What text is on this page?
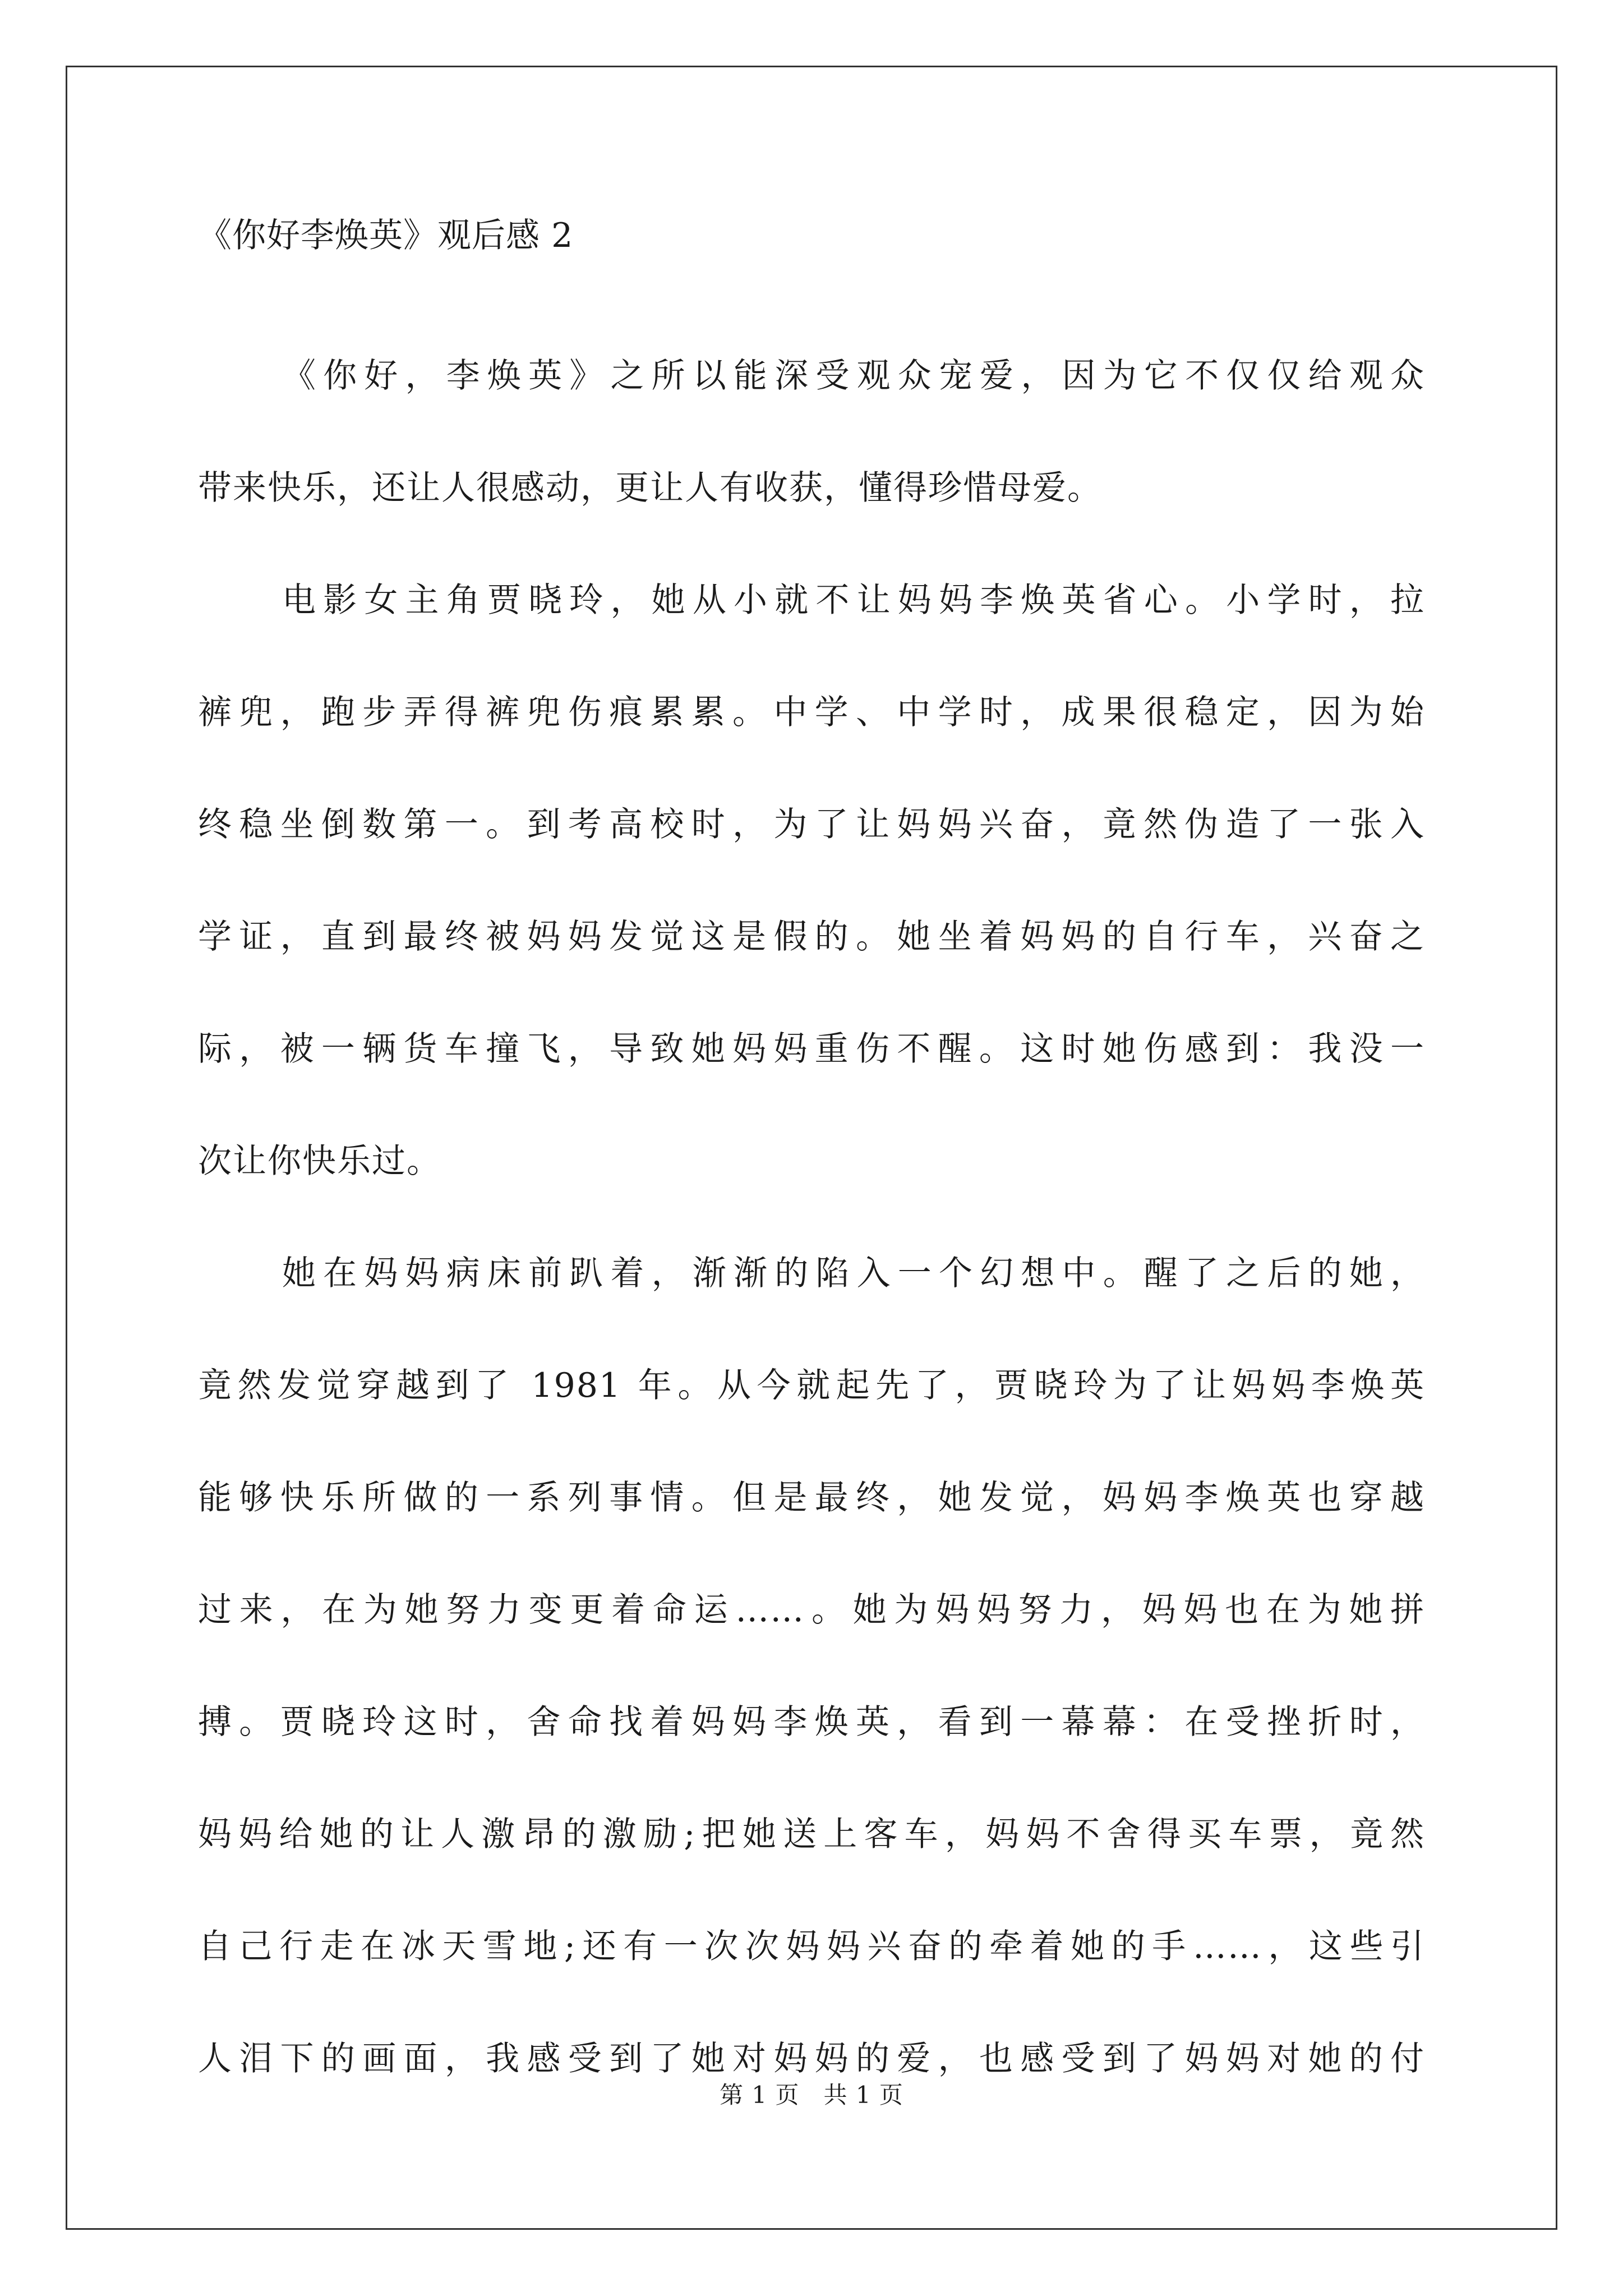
《你好李焕英》观后感 2
《你好，李焕英》之所以能深受观众宠爱，因为它不仅仅给观众
带来快乐，还让人很感动，更让人有收获，懂得珍惜母爱。
电影女主角贾晓玲，她从小就不让妈妈李焕英省心。小学时，拉
裤兜，跑步弄得裤兜伤痕累累。中学、中学时，成果很稳定，因为始
终稳坐倒数第一。到考高校时，为了让妈妈兴奋，竟然伪造了一张入
学证，直到最终被妈妈发觉这是假的。她坐着妈妈的自行车，兴奋之
际，被一辆货车撞飞，导致她妈妈重伤不醒。这时她伤感到：我没一
次让你快乐过。
她在妈妈病床前趴着，渐渐的陷入一个幻想中。醒了之后的她，
竟然发觉穿越到了 1981 年。从今就起先了，贾晓玲为了让妈妈李焕英
能够快乐所做的一系列事情。但是最终，她发觉，妈妈李焕英也穿越
过来，在为她努力变更着命运……。她为妈妈努力，妈妈也在为她拼
搏。贾晓玲这时，舍命找着妈妈李焕英，看到一幕幕：在受挫折时，
妈妈给她的让人激昂的激励;把她送上客车，妈妈不舍得买车票，竟然
自己行走在冰天雪地;还有一次次妈妈兴奋的牵着她的手……，这些引
人泪下的画面，我感受到了她对妈妈的爱，也感受到了妈妈对她的付
第 1 页　共 1 页
